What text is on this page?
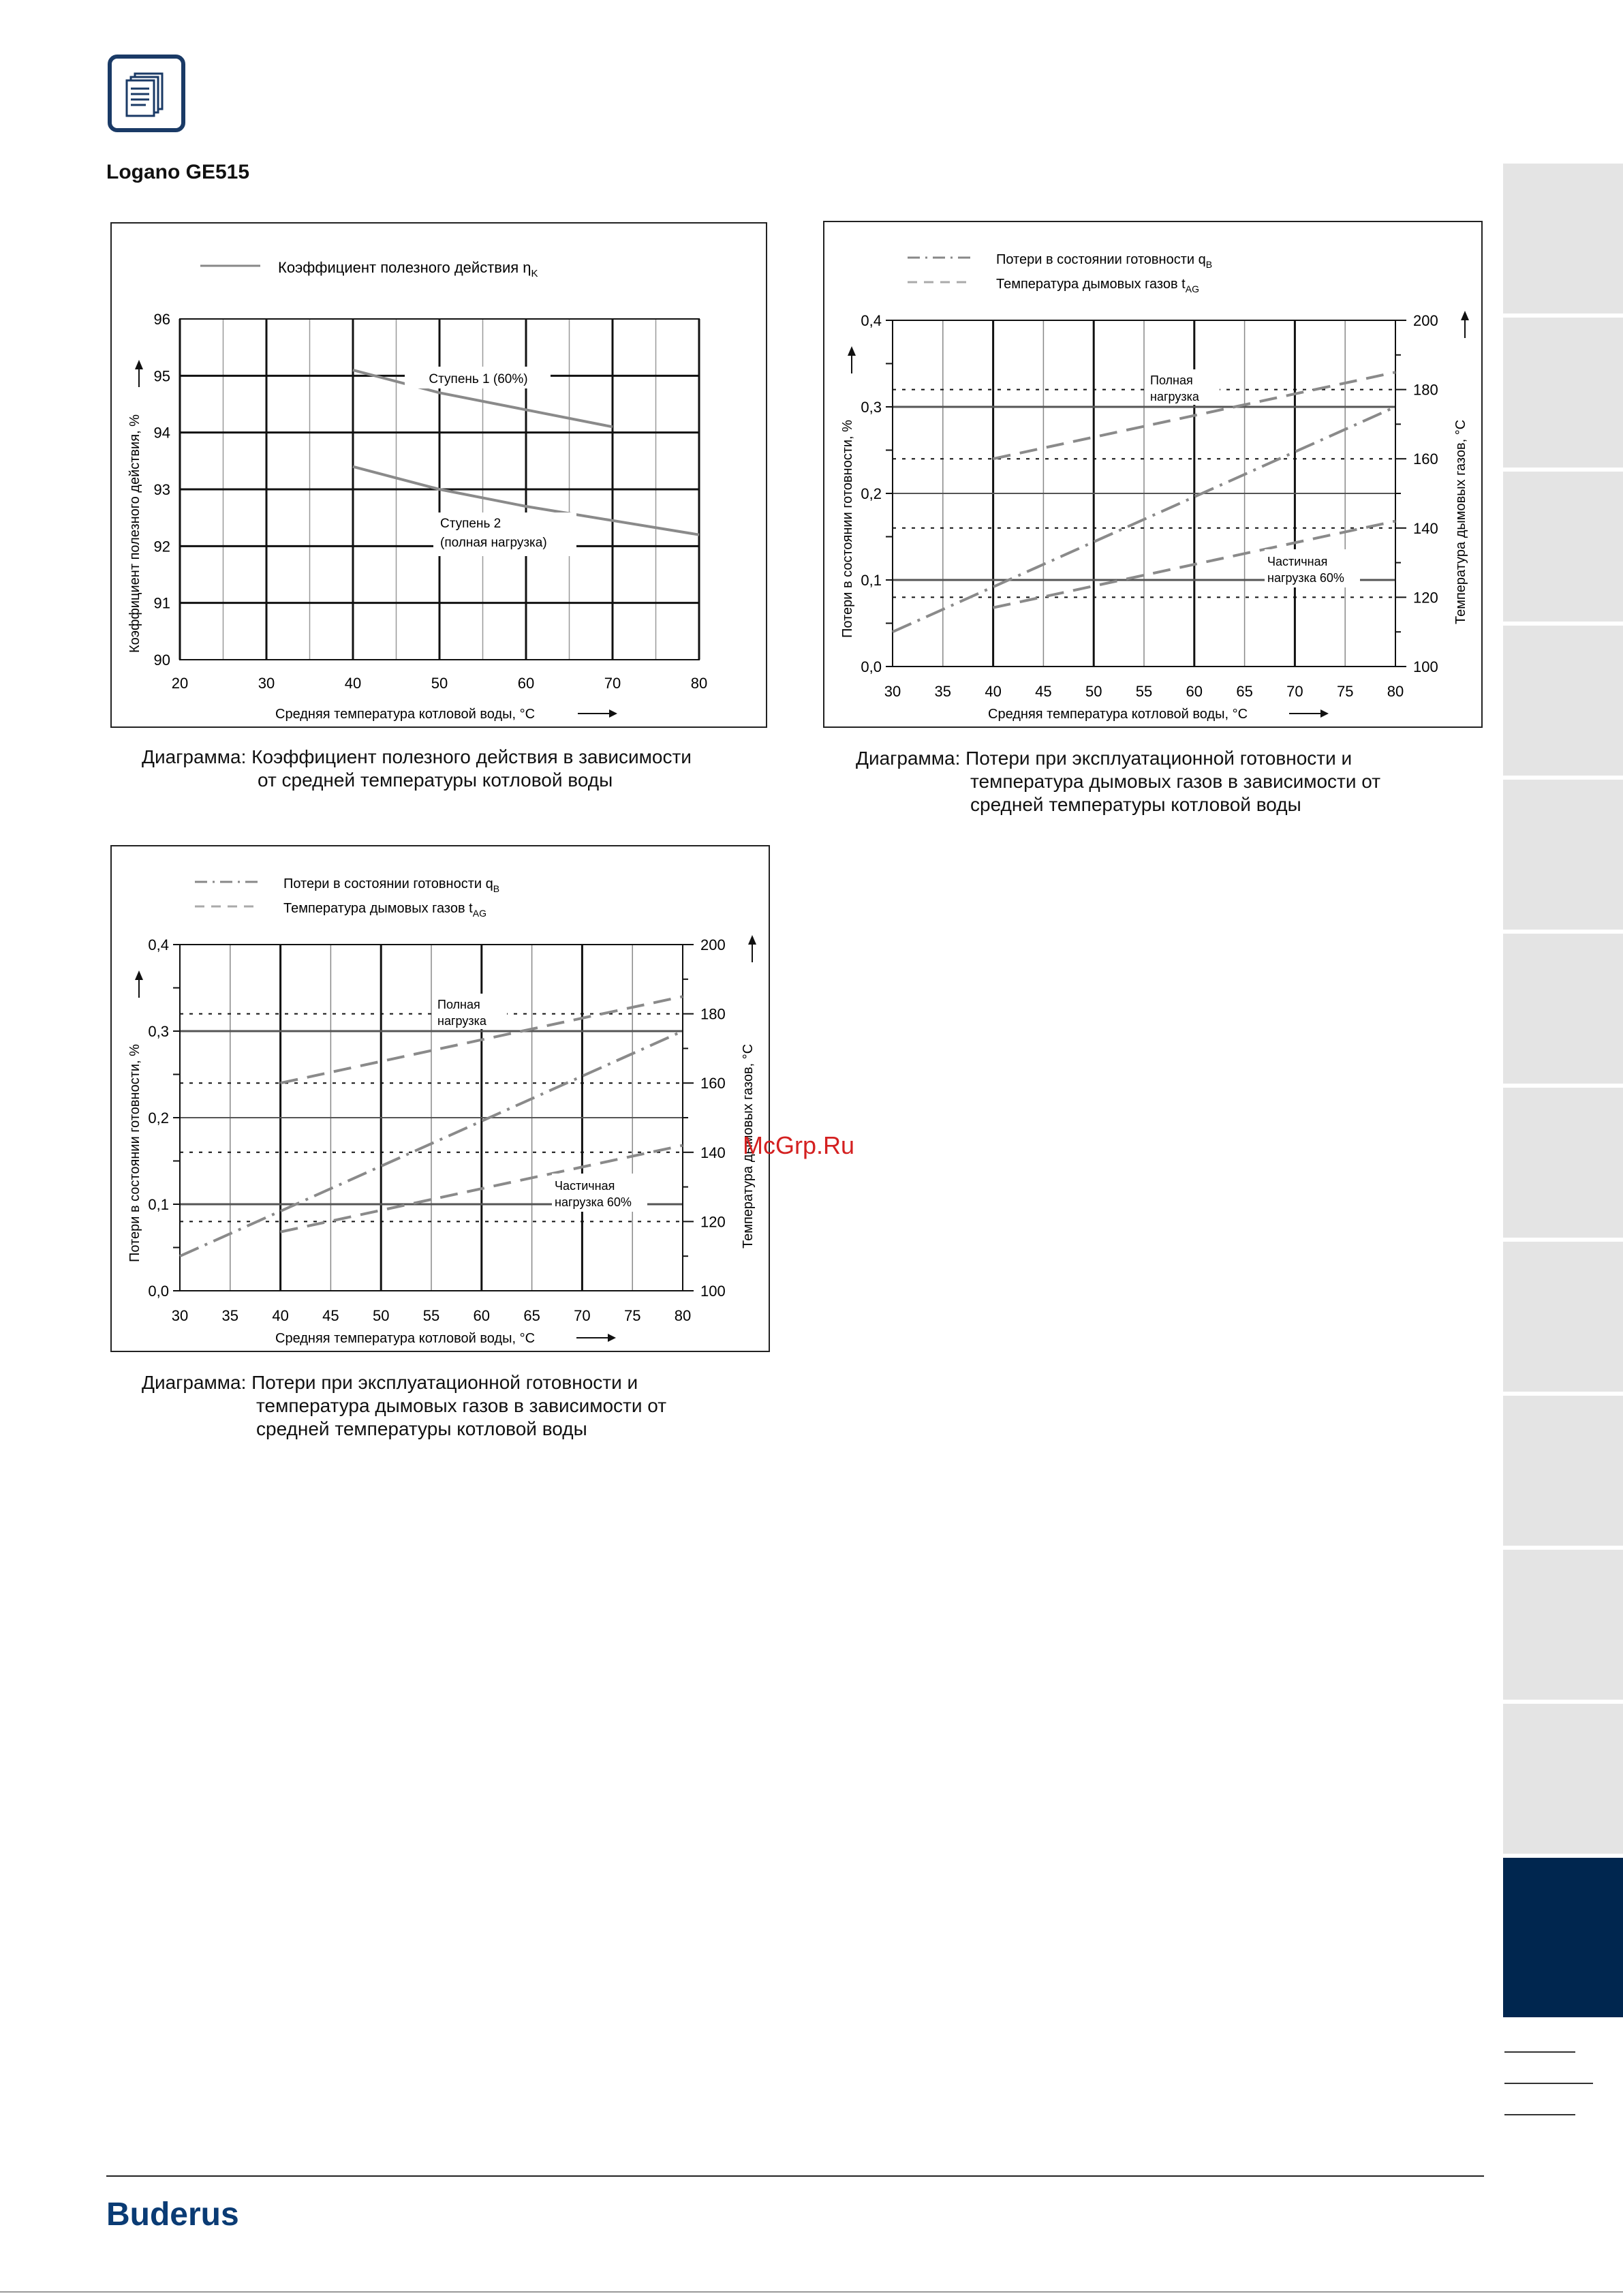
Logano GE515
Коэффициент полезного действия $\eta_K$
20	30	40	50	60	70	80
90
91
92
93
94
95
96
Средняя температура котловой воды, °C
Коэффициент полезного действия, %
Ступень 1 (60%)
Ступень 2
(полная нагрузка)
Диаграмма: Коэффициент полезного действия в зависимости
от средней температуры котловой воды
Потери в состоянии готовности $q_B$
Температура дымовых газов $t_{AG}$
30 35 40 45 50 55 60 65 70 75 80
0,0
0,1
0,2
0,3
0,4
100
120
140
160
180
200
Средняя температура котловой воды, °C
Потери в состоянии готовности, %	Температура дымовых газов, °C
Полная
нагрузка
Частичная
нагрузка 60%
Диаграмма: Потери при эксплуатационной готовности и
температура дымовых газов в зависимости от
средней температуры котловой воды
Потери в состоянии готовности $q_B$
Температура дымовых газов $t_{AG}$
30 35 40 45 50 55 60 65 70 75 80
0,0
0,1
0,2
0,3
0,4
100
120
140
160
180
200
Средняя температура котловой воды, °C
Потери в состоянии готовности, %	Температура дымовых газов, °C
Полная
нагрузка
Частичная
нагрузка 60%
Диаграмма: Потери при эксплуатационной готовности и
температура дымовых газов в зависимости от
средней температуры котловой воды
McGrp.Ru
Buderus
